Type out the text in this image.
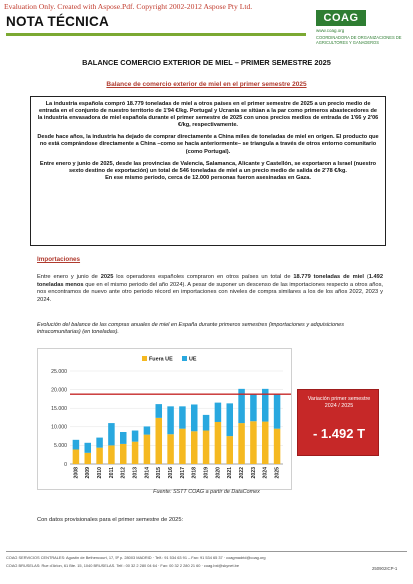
Evaluation Only. Created with Aspose.Pdf. Copyright 2002-2012 Aspose Pty Ltd.
NOTA TÉCNICA	COAG
www.coag.org
COORDINADORA DE ORGANIZACIONES DE AGRICULTORES Y GANADEROS
BALANCE COMERCIO EXTERIOR DE MIEL – PRIMER SEMESTRE 2025
Balance de comercio exterior de miel en el primer semestre 2025

La industria española compró 18.779 toneladas de miel a otros países en el primer semestre de 2025 a un precio medio de entrada en el conjunto de nuestro territorio de 1'94 €/kg. Portugal y Ucrania se sitúan a la par como primeros abastecedores de la industria envasadora de miel española durante el primer semestre de 2025 con unos precios medios de entrada de 1'66 y 2'06 €/kg, respectivamente.

Desde hace años, la industria ha dejado de comprar directamente a China miles de toneladas de miel en origen. El producto que no está comprándose directamente a China –como se hacía anteriormente– se triangula a través de otros entorno comunitario (como Portugal).

Entre enero y junio de 2025, desde las provincias de Valencia, Salamanca, Alicante y Castellón, se exportaron a Israel (nuestro sexto destino de exportación) un total de 546 toneladas de miel a un precio medio de salida de 2'78 €/kg.
En ese mismo periodo, cerca de 12.000 personas fueron asesinadas en Gaza.

Importaciones
Entre enero y junio de 2025 los operadores españoles compraron en otros países un total de 18.779 toneladas de miel (1.492 toneladas menos que en el mismo periodo del año 2024). A pesar de suponer un descenso de las importaciones respecto a otros años, nos encontramos de nuevo ante otro periodo récord en importaciones con niveles de compra similares a los de los años 2022, 2023 y 2024.
Evolución del balance de las compras anuales de miel en España durante primeros semestres (importaciones y adquisiciones intracomunitarias) (en toneladas).
0
5.000
10.000
15.000
20.000
25.000
Fuera UE	UE
2008 2009 2010 2011 2012 2013 2014 2015 2016 2017 2018 2019 2020 2021 2022 2023 2024 2025
Variación primer semestre 2024 / 2025
- 1.492 T
Fuente: SSTT COAG a partir de DataComex
Con datos provisionales para el primer semestre de 2025:
COAG SERVICIOS CENTRALES: Agustín de Bethencourt, 17, 5º p. 28003 MADRID · Telf.: 91 534 63 91 – Fax: 91 534 65 37 · coagmadrid@coag.org
COAG BRUSELAS: Rue d'Arlon, 61 Bte. 15, 1040 BRUSELAS. Telf.: 00 32 2 280 04 64 · Fax: 00 32 2 280 21 60 · coag.bxl@skynet.be
250902ICP-1
